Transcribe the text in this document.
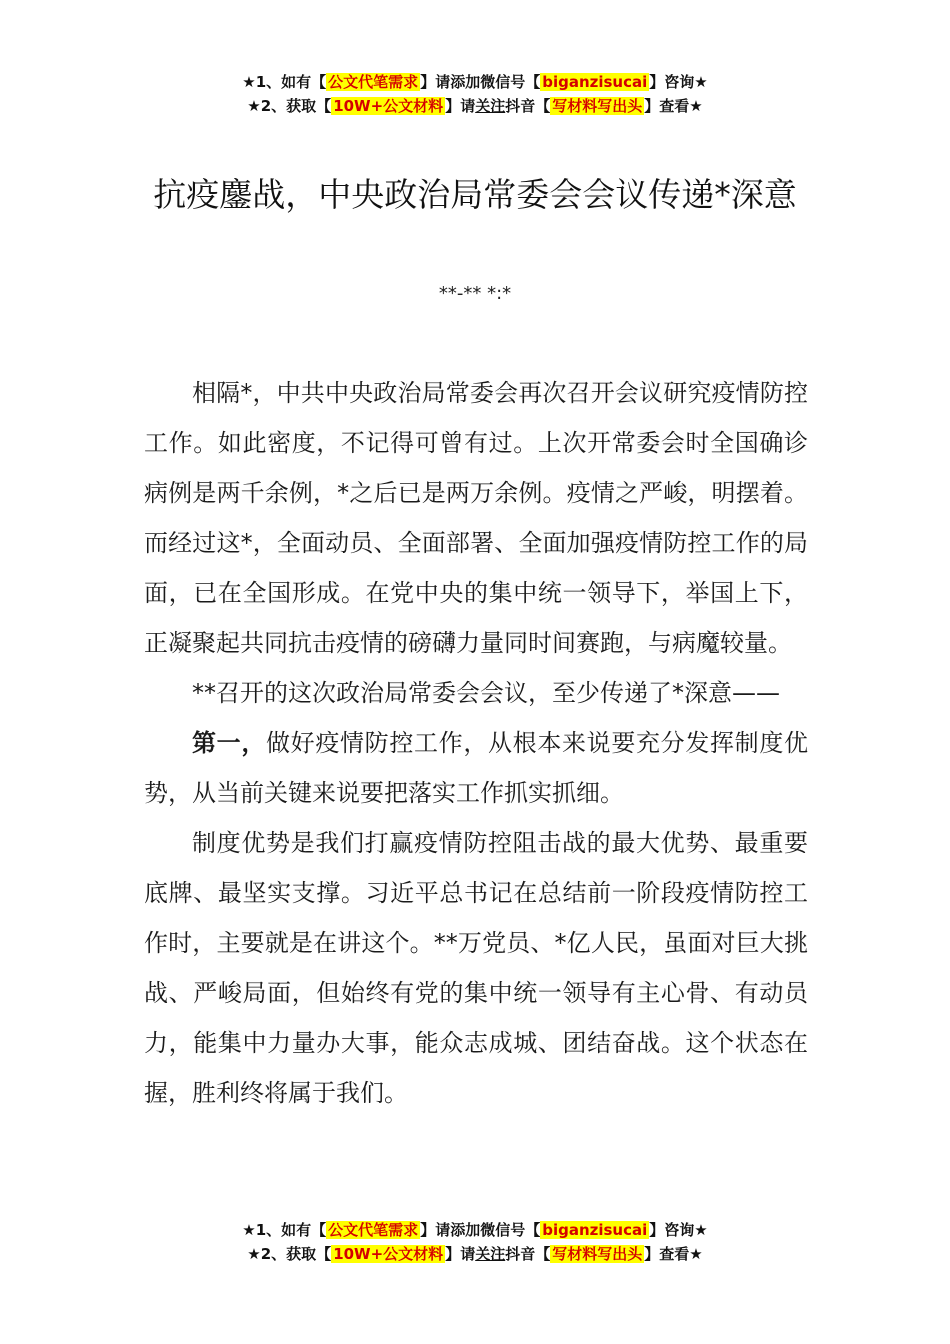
★1、如有【 公文代笔需求 】请添加微信号【 biganzisucai 】咨询★
★2、获取【 10W+公文材料 】请关注抖音【 写材料写出头 】查看★
抗疫鏖战，中央政治局常委会会议传递*深意
**-** *:*

相隔*，中共中央政治局常委会再次召开会议研究疫情防控工作。如此密度，不记得可曾有过。上次开常委会时全国确诊病例是两千余例，*之后已是两万余例。疫情之严峻，明摆着。而经过这*，全面动员、全面部署、全面加强疫情防控工作的局面，已在全国形成。在党中央的集中统一领导下，举国上下，正凝聚起共同抗击疫情的磅礴力量同时间赛跑，与病魔较量。

**召开的这次政治局常委会会议，至少传递了*深意——

第一，做好疫情防控工作，从根本来说要充分发挥制度优势，从当前关键来说要把落实工作抓实抓细。

制度优势是我们打赢疫情防控阻击战的最大优势、最重要底牌、最坚实支撑。习近平总书记在总结前一阶段疫情防控工作时，主要就是在讲这个。**万党员、*亿人民，虽面对巨大挑战、严峻局面，但始终有党的集中统一领导有主心骨、有动员力，能集中力量办大事，能众志成城、团结奋战。这个状态在握，胜利终将属于我们。

★1、如有【 公文代笔需求 】请添加微信号【 biganzisucai 】咨询★
★2、获取【 10W+公文材料 】请关注抖音【 写材料写出头 】查看★
